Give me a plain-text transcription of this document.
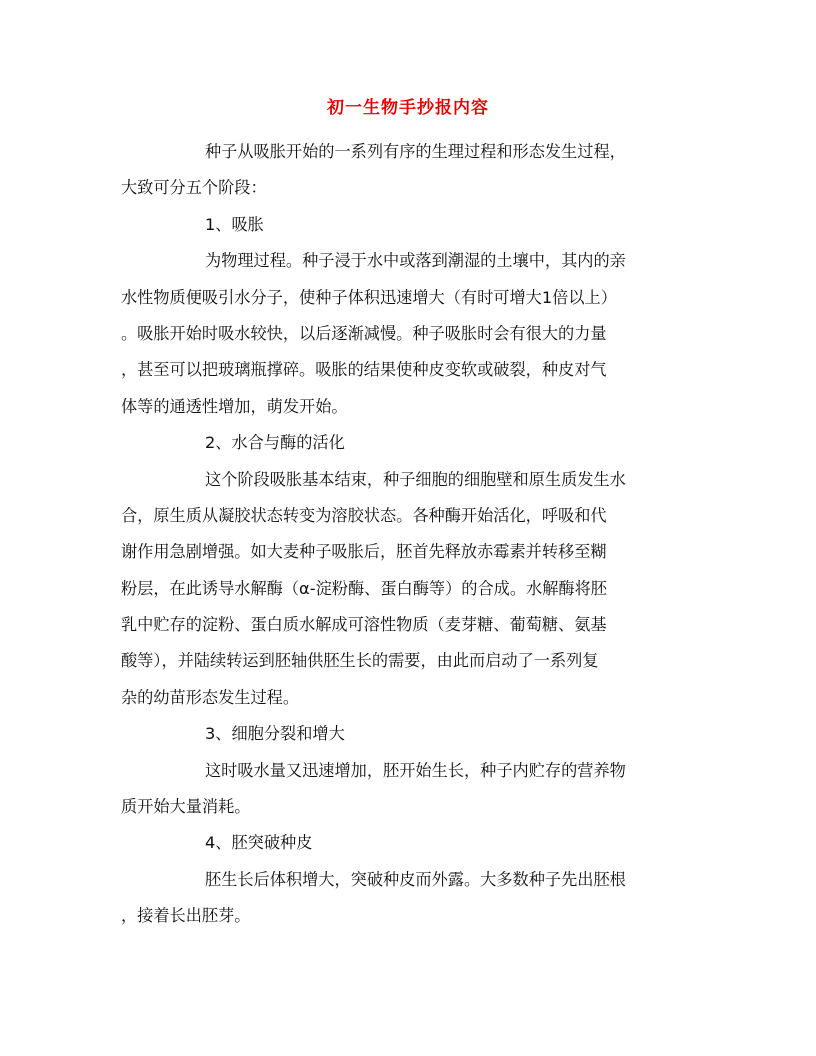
初一生物手抄报内容
种子从吸胀开始的一系列有序的生理过程和形态发生过程，
大致可分五个阶段：
1、吸胀
为物理过程。种子浸于水中或落到潮湿的土壤中，其内的亲
水性物质便吸引水分子，使种子体积迅速增大（有时可增大1倍以上）
。吸胀开始时吸水较快，以后逐渐减慢。种子吸胀时会有很大的力量
，甚至可以把玻璃瓶撑碎。吸胀的结果使种皮变软或破裂，种皮对气
体等的通透性增加，萌发开始。
2、水合与酶的活化
这个阶段吸胀基本结束，种子细胞的细胞壁和原生质发生水
合，原生质从凝胶状态转变为溶胶状态。各种酶开始活化，呼吸和代
谢作用急剧增强。如大麦种子吸胀后，胚首先释放赤霉素并转移至糊
粉层，在此诱导水解酶（α-淀粉酶、蛋白酶等）的合成。水解酶将胚
乳中贮存的淀粉、蛋白质水解成可溶性物质（麦芽糖、葡萄糖、氨基
酸等），并陆续转运到胚轴供胚生长的需要，由此而启动了一系列复
杂的幼苗形态发生过程。
3、细胞分裂和增大
这时吸水量又迅速增加，胚开始生长，种子内贮存的营养物
质开始大量消耗。
4、胚突破种皮
胚生长后体积增大，突破种皮而外露。大多数种子先出胚根
，接着长出胚芽。
